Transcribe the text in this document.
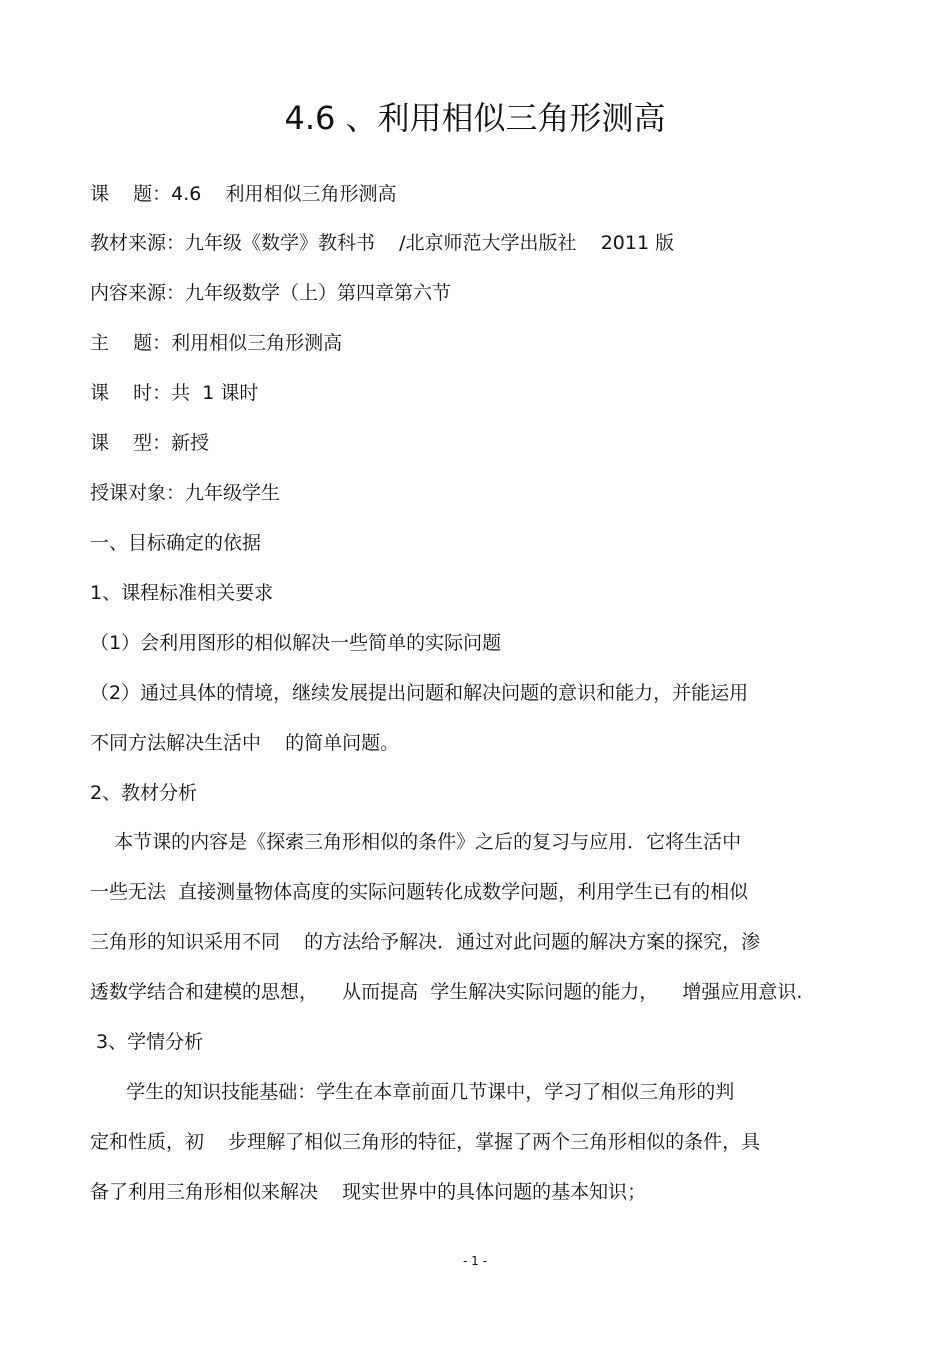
4.6 、利用相似三角形测高
课    题：4.6    利用相似三角形测高
教材来源：九年级《数学》教科书    /北京师范大学出版社    2011 版
内容来源：九年级数学（上）第四章第六节
主    题：利用相似三角形测高
课    时：共  1 课时
课    型：新授
授课对象：九年级学生
一、目标确定的依据
1、课程标准相关要求
（1）会利用图形的相似解决一些简单的实际问题
（2）通过具体的情境，继续发展提出问题和解决问题的意识和能力，并能运用
不同方法解决生活中    的简单问题。
2、教材分析
本节课的内容是《探索三角形相似的条件》之后的复习与应用．它将生活中
一些无法  直接测量物体高度的实际问题转化成数学问题，利用学生已有的相似
三角形的知识采用不同    的方法给予解决．通过对此问题的解决方案的探究，渗
透数学结合和建模的思想，    从而提高  学生解决实际问题的能力，    增强应用意识.
3、学情分析
学生的知识技能基础：学生在本章前面几节课中，学习了相似三角形的判
定和性质，初    步理解了相似三角形的特征，掌握了两个三角形相似的条件，具
备了利用三角形相似来解决    现实世界中的具体问题的基本知识；
- 1 -
